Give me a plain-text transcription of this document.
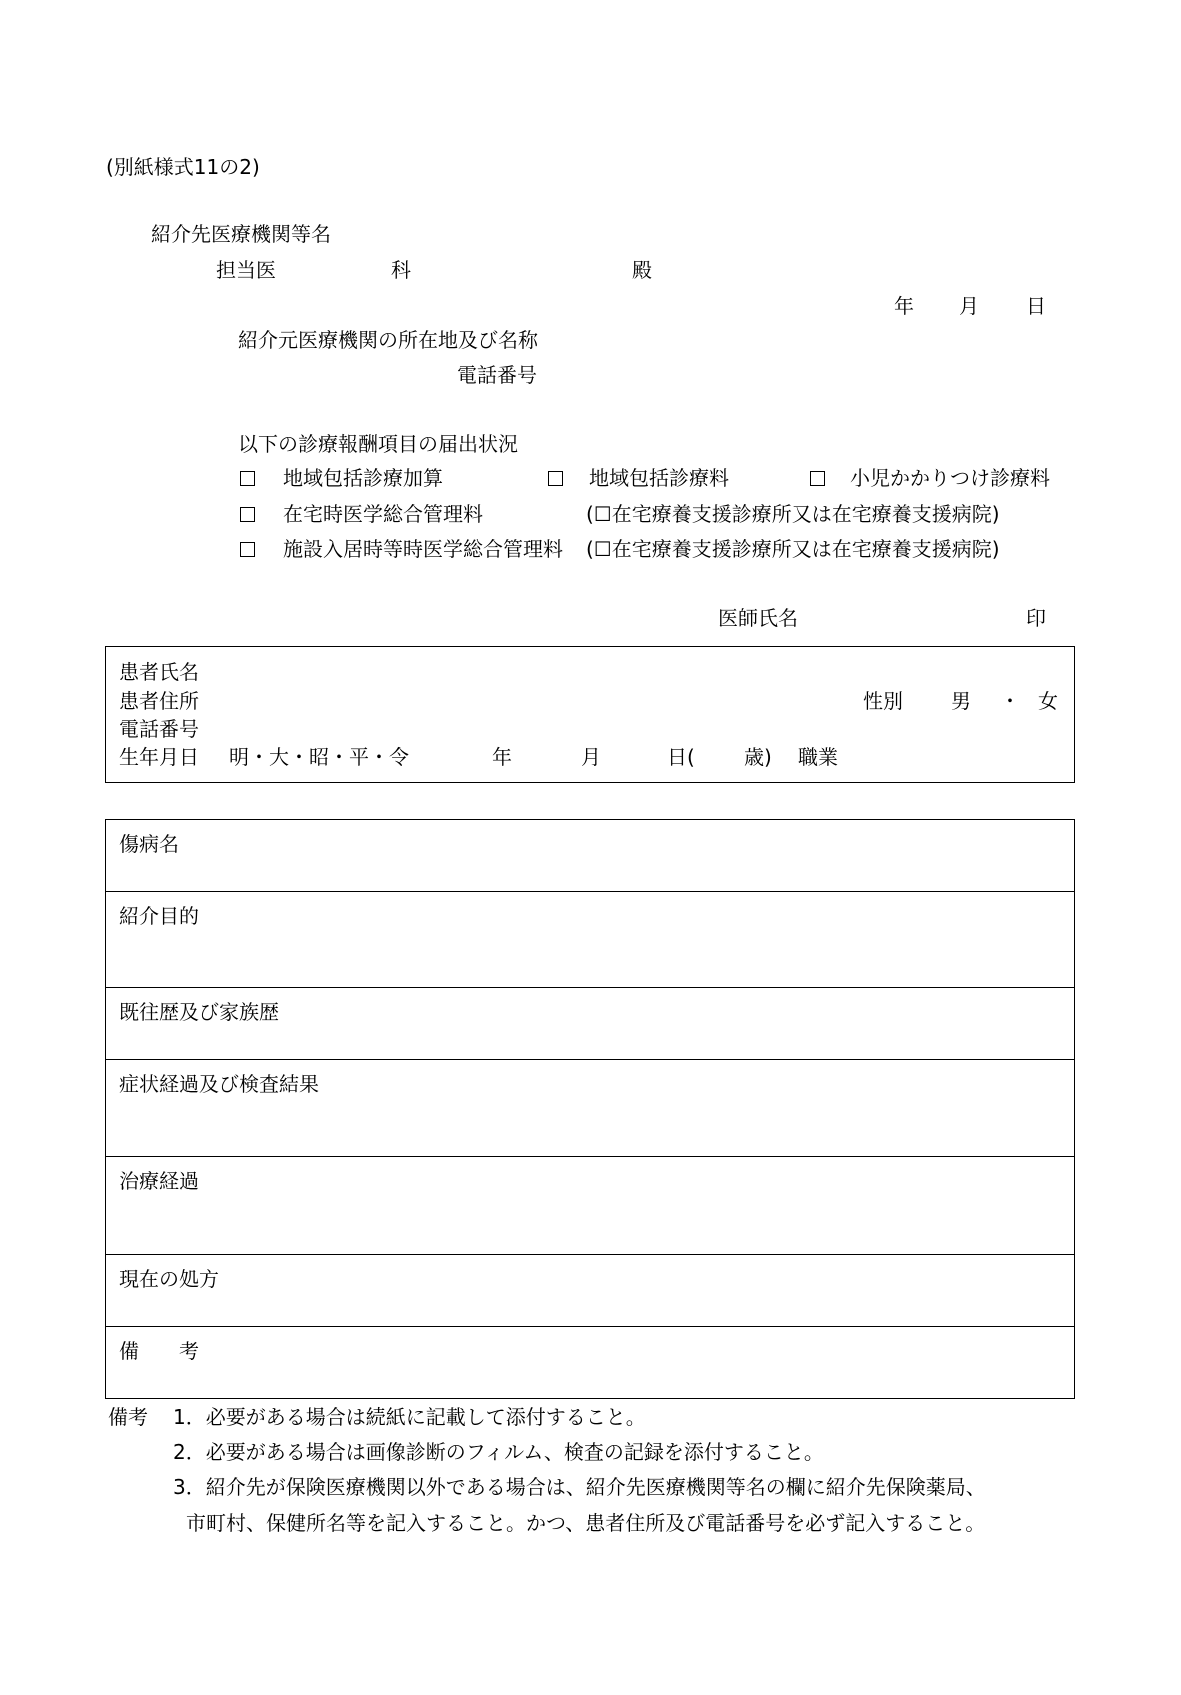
(別紙様式11の2)
紹介先医療機関等名
担当医	科	殿
年 月 日
紹介元医療機関の所在地及び名称
電話番号
以下の診療報酬項目の届出状況
地域包括診療加算	地域包括診療料	小児かかりつけ診療料
在宅時医学総合管理料	(☐在宅療養支援診療所又は在宅療養支援病院)
施設入居時等時医学総合管理料 (☐在宅療養支援診療所又は在宅療養支援病院)
医師氏名	印
患者氏名
患者住所	性別 男 ・ 女
電話番号
生年月日 明・大・昭・平・令	年	月	日( 歳) 職業
傷病名
紹介目的
既往歴及び家族歴
症状経過及び検査結果
治療経過
現在の処方
備　　考
備考 1．必要がある場合は続紙に記載して添付すること。
2．必要がある場合は画像診断のフィルム、検査の記録を添付すること。
3．紹介先が保険医療機関以外である場合は、紹介先医療機関等名の欄に紹介先保険薬局、
市町村、保健所名等を記入すること。かつ、患者住所及び電話番号を必ず記入すること。
